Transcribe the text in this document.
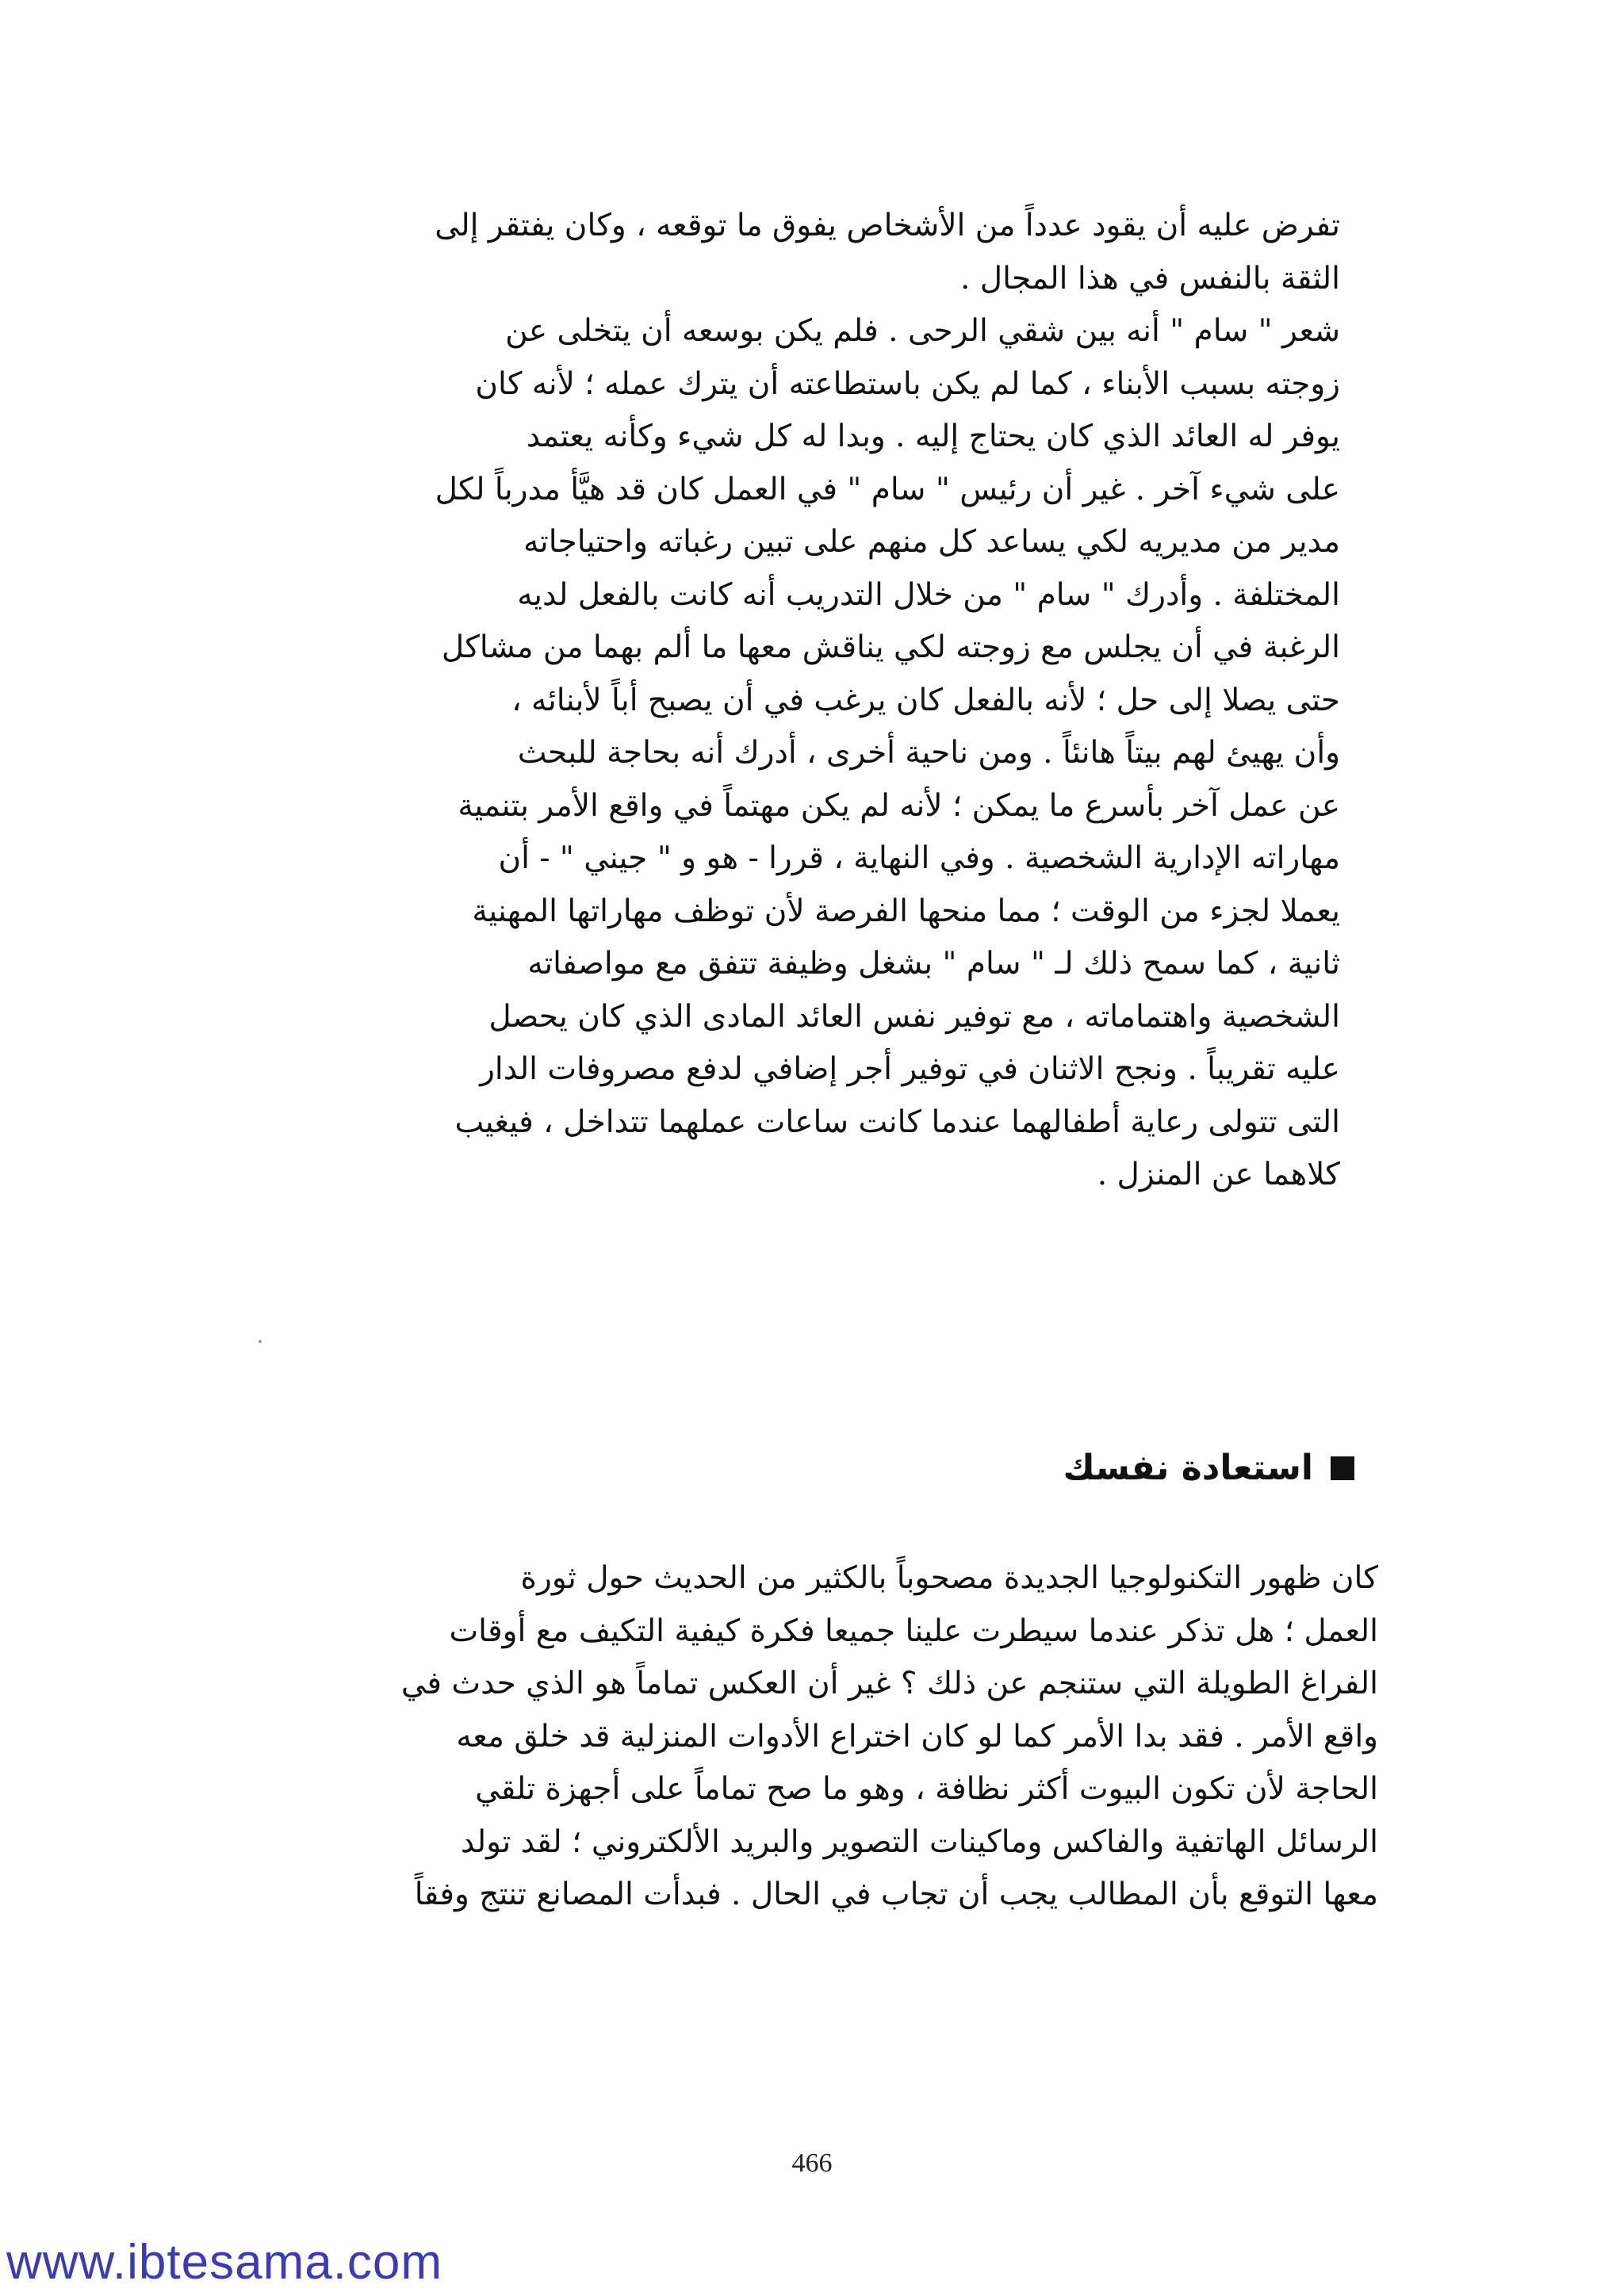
تفرض عليه أن يقود عدداً من الأشخاص يفوق ما توقعه ، وكان يفتقر إلى
الثقة بالنفس في هذا المجال .
شعر " سام " أنه بين شقي الرحى . فلم يكن بوسعه أن يتخلى عن
زوجته بسبب الأبناء ، كما لم يكن باستطاعته أن يترك عمله ؛ لأنه كان
يوفر له العائد الذي كان يحتاج إليه . وبدا له كل شيء وكأنه يعتمد
على شيء آخر . غير أن رئيس " سام " في العمل كان قد هيَّأ مدرباً لكل
مدير من مديريه لكي يساعد كل منهم على تبين رغباته واحتياجاته
المختلفة . وأدرك " سام " من خلال التدريب أنه كانت بالفعل لديه
الرغبة في أن يجلس مع زوجته لكي يناقش معها ما ألم بهما من مشاكل
حتى يصلا إلى حل ؛ لأنه بالفعل كان يرغب في أن يصبح أباً لأبنائه ،
وأن يهيئ لهم بيتاً هانئاً . ومن ناحية أخرى ، أدرك أنه بحاجة للبحث
عن عمل آخر بأسرع ما يمكن ؛ لأنه لم يكن مهتماً في واقع الأمر بتنمية
مهاراته الإدارية الشخصية . وفي النهاية ، قررا - هو و " جيني " - أن
يعملا لجزء من الوقت ؛ مما منحها الفرصة لأن توظف مهاراتها المهنية
ثانية ، كما سمح ذلك لـ " سام " بشغل وظيفة تتفق مع مواصفاته
الشخصية واهتماماته ، مع توفير نفس العائد المادى الذي كان يحصل
عليه تقريباً . ونجح الاثنان في توفير أجر إضافي لدفع مصروفات الدار
التى تتولى رعاية أطفالهما عندما كانت ساعات عملهما تتداخل ، فيغيب
كلاهما عن المنزل .
استعادة نفسك
كان ظهور التكنولوجيا الجديدة مصحوباً بالكثير من الحديث حول ثورة
العمل ؛ هل تذكر عندما سيطرت علينا جميعا فكرة كيفية التكيف مع أوقات
الفراغ الطويلة التي ستنجم عن ذلك ؟ غير أن العكس تماماً هو الذي حدث في
واقع الأمر . فقد بدا الأمر كما لو كان اختراع الأدوات المنزلية قد خلق معه
الحاجة لأن تكون البيوت أكثر نظافة ، وهو ما صح تماماً على أجهزة تلقي
الرسائل الهاتفية والفاكس وماكينات التصوير والبريد الألكتروني ؛ لقد تولد
معها التوقع بأن المطالب يجب أن تجاب في الحال . فبدأت المصانع تنتج وفقاً
466
www.ibtesama.com
